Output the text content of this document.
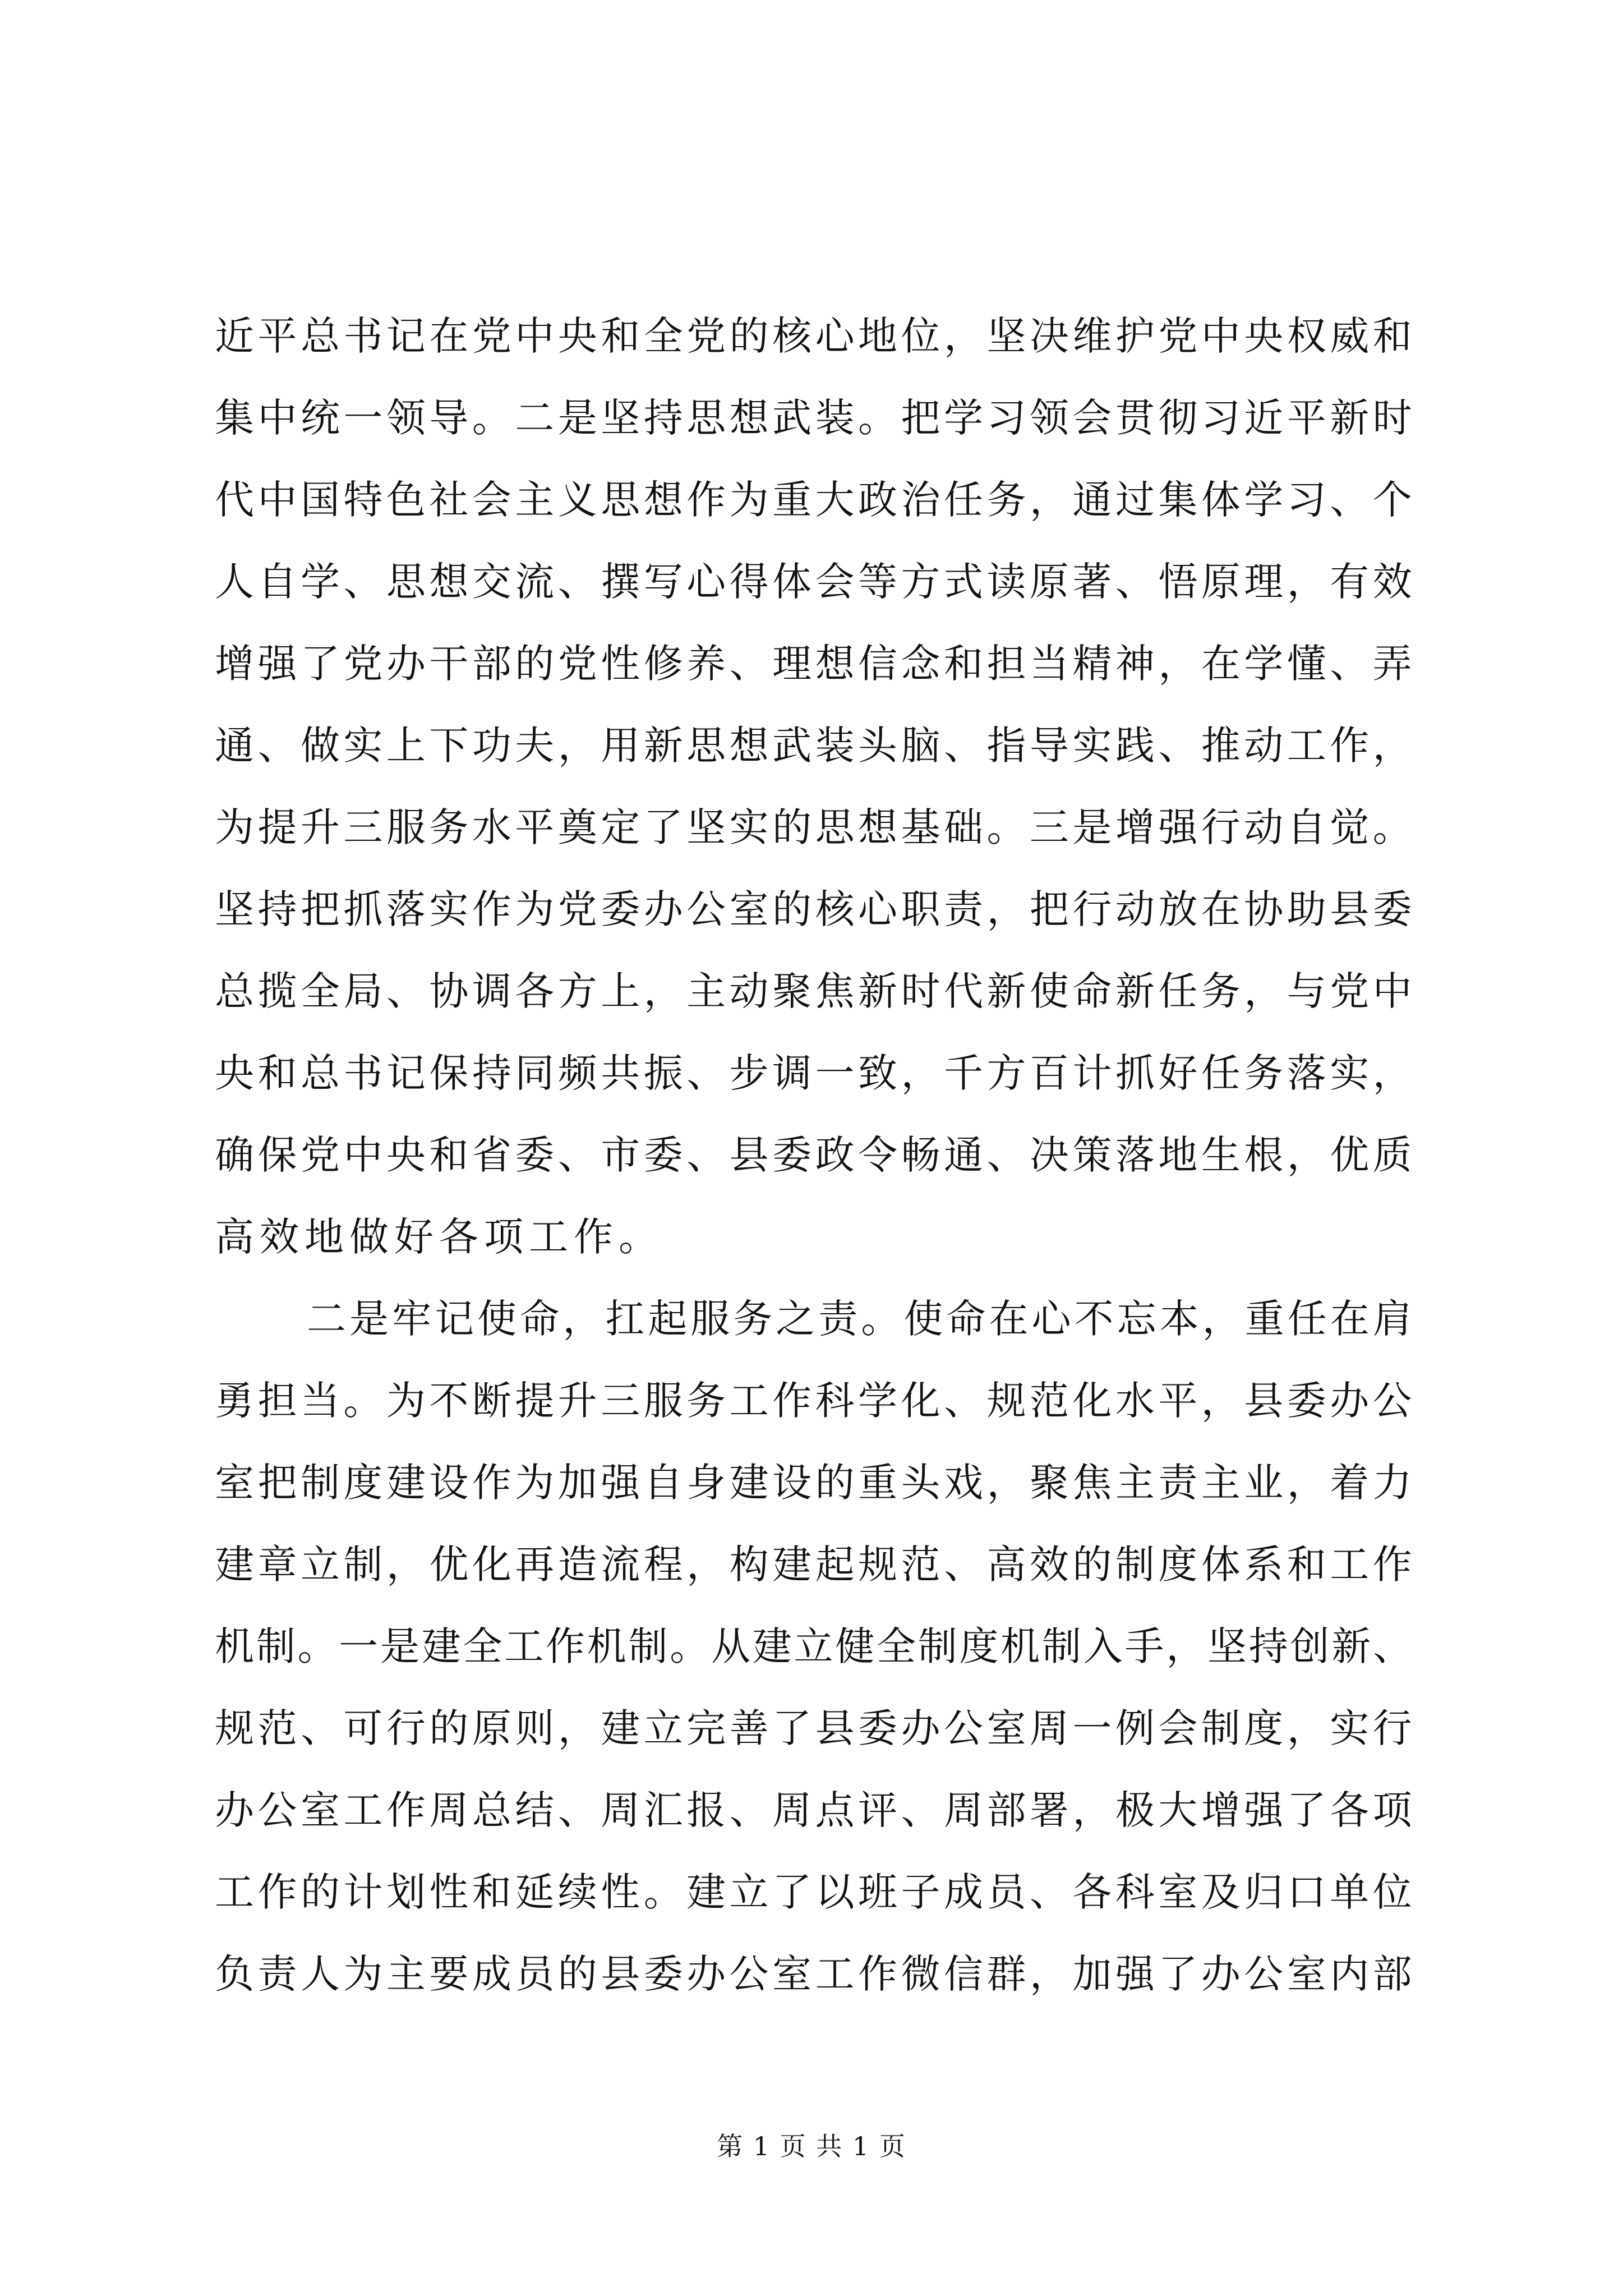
近 平 总 书 记 在 党 中 央 和 全 党 的 核 心 地 位 ， 坚 决 维 护 党 中 央 权 威 和
集 中 统 一 领 导 。 二 是 坚 持 思 想 武 装 。 把 学 习 领 会 贯 彻 习 近 平 新 时
代 中 国 特 色 社 会 主 义 思 想 作 为 重 大 政 治 任 务 ， 通 过 集 体 学 习 、 个
人 自 学 、 思 想 交 流 、 撰 写 心 得 体 会 等 方 式 读 原 著 、 悟 原 理 ， 有 效
增 强 了 党 办 干 部 的 党 性 修 养 、 理 想 信 念 和 担 当 精 神 ， 在 学 懂 、 弄
通 、 做 实 上 下 功 夫 ， 用 新 思 想 武 装 头 脑 、 指 导 实 践 、 推 动 工 作 ，
为 提 升 三 服 务 水 平 奠 定 了 坚 实 的 思 想 基 础 。 三 是 增 强 行 动 自 觉 。
坚 持 把 抓 落 实 作 为 党 委 办 公 室 的 核 心 职 责 ， 把 行 动 放 在 协 助 县 委
总 揽 全 局 、 协 调 各 方 上 ， 主 动 聚 焦 新 时 代 新 使 命 新 任 务 ， 与 党 中
央 和 总 书 记 保 持 同 频 共 振 、 步 调 一 致 ， 千 方 百 计 抓 好 任 务 落 实 ，
确 保 党 中 央 和 省 委 、 市 委 、 县 委 政 令 畅 通 、 决 策 落 地 生 根 ， 优 质
高效地做好各项工作。
二 是 牢 记 使 命 ， 扛 起 服 务 之 责 。 使 命 在 心 不 忘 本 ， 重 任 在 肩
勇 担 当 。 为 不 断 提 升 三 服 务 工 作 科 学 化 、 规 范 化 水 平 ， 县 委 办 公
室 把 制 度 建 设 作 为 加 强 自 身 建 设 的 重 头 戏 ， 聚 焦 主 责 主 业 ， 着 力
建 章 立 制 ， 优 化 再 造 流 程 ， 构 建 起 规 范 、 高 效 的 制 度 体 系 和 工 作
机 制 。 一 是 建 全 工 作 机 制 。 从 建 立 健 全 制 度 机 制 入 手 ， 坚 持 创 新 、
规 范 、 可 行 的 原 则 ， 建 立 完 善 了 县 委 办 公 室 周 一 例 会 制 度 ， 实 行
办 公 室 工 作 周 总 结 、 周 汇 报 、 周 点 评 、 周 部 署 ， 极 大 增 强 了 各 项
工 作 的 计 划 性 和 延 续 性 。 建 立 了 以 班 子 成 员 、 各 科 室 及 归 口 单 位
负 责 人 为 主 要 成 员 的 县 委 办 公 室 工 作 微 信 群 ， 加 强 了 办 公 室 内 部
第 1 页 共 1 页
